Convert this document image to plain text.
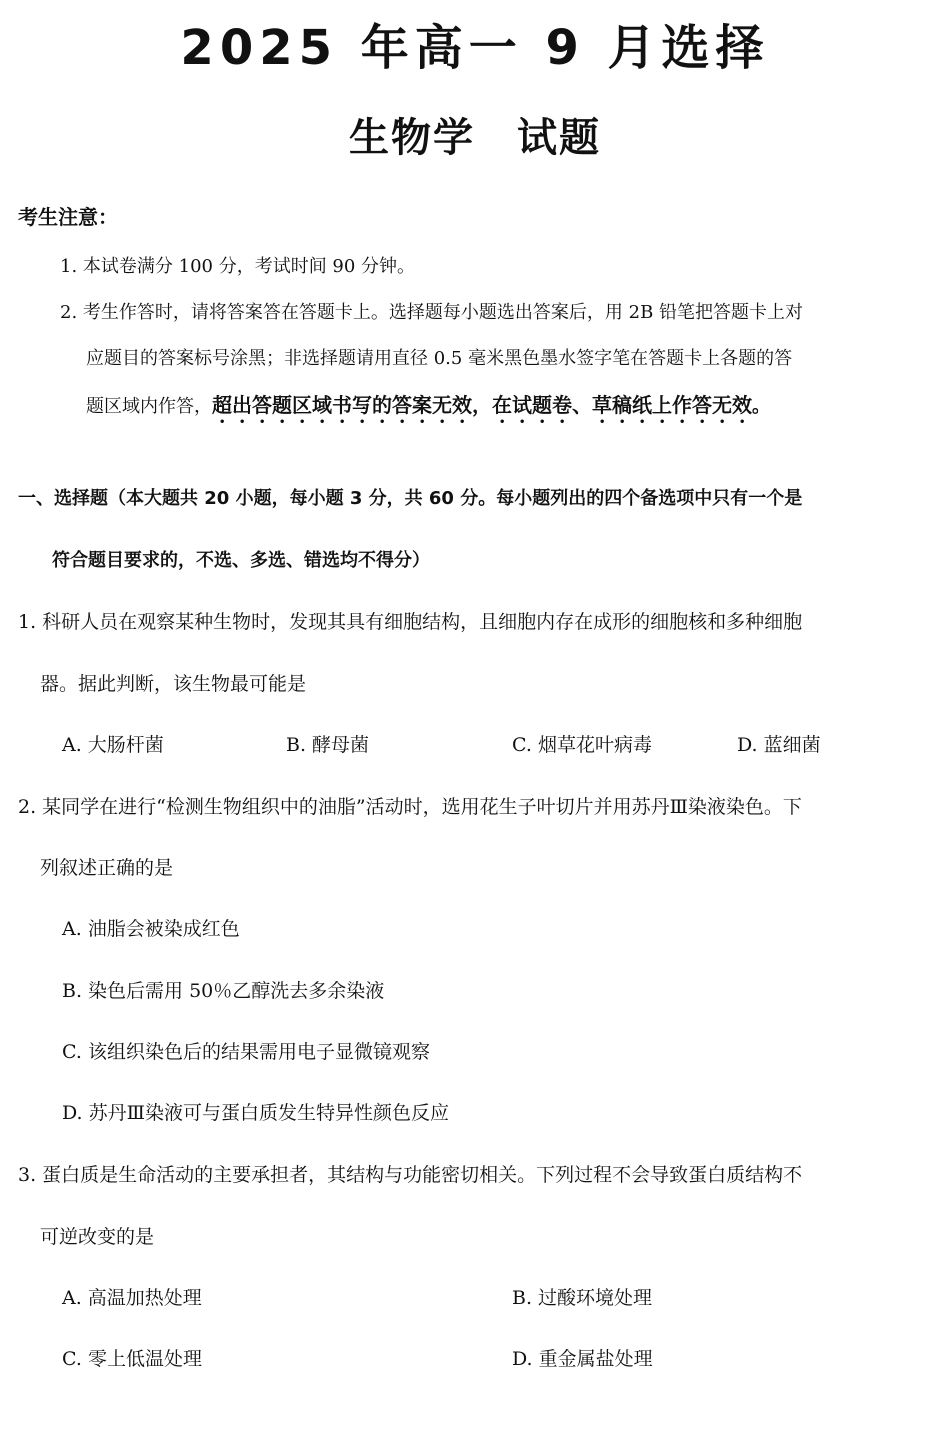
2025 年高一 9 月选择
生物学　试题
考生注意：
1. 本试卷满分 100 分，考试时间 90 分钟。
2. 考生作答时，请将答案答在答题卡上。选择题每小题选出答案后，用 2B 铅笔把答题卡上对
应题目的答案标号涂黑；非选择题请用直径 0.5 毫米黑色墨水签字笔在答题卡上各题的答
题区域内作答，超出答题区域书写的答案无效，在试题卷、草稿纸上作答无效。
一、选择题（本大题共 20 小题，每小题 3 分，共 60 分。每小题列出的四个备选项中只有一个是
符合题目要求的，不选、多选、错选均不得分）
1. 科研人员在观察某种生物时，发现其具有细胞结构，且细胞内存在成形的细胞核和多种细胞
器。据此判断，该生物最可能是
A. 大肠杆菌	B. 酵母菌	C. 烟草花叶病毒	D. 蓝细菌
2. 某同学在进行“检测生物组织中的油脂”活动时，选用花生子叶切片并用苏丹Ⅲ染液染色。下
列叙述正确的是
A. 油脂会被染成红色
B. 染色后需用 50％乙醇洗去多余染液
C. 该组织染色后的结果需用电子显微镜观察
D. 苏丹Ⅲ染液可与蛋白质发生特异性颜色反应
3. 蛋白质是生命活动的主要承担者，其结构与功能密切相关。下列过程不会导致蛋白质结构不
可逆改变的是
A. 高温加热处理	B. 过酸环境处理
C. 零上低温处理	D. 重金属盐处理
